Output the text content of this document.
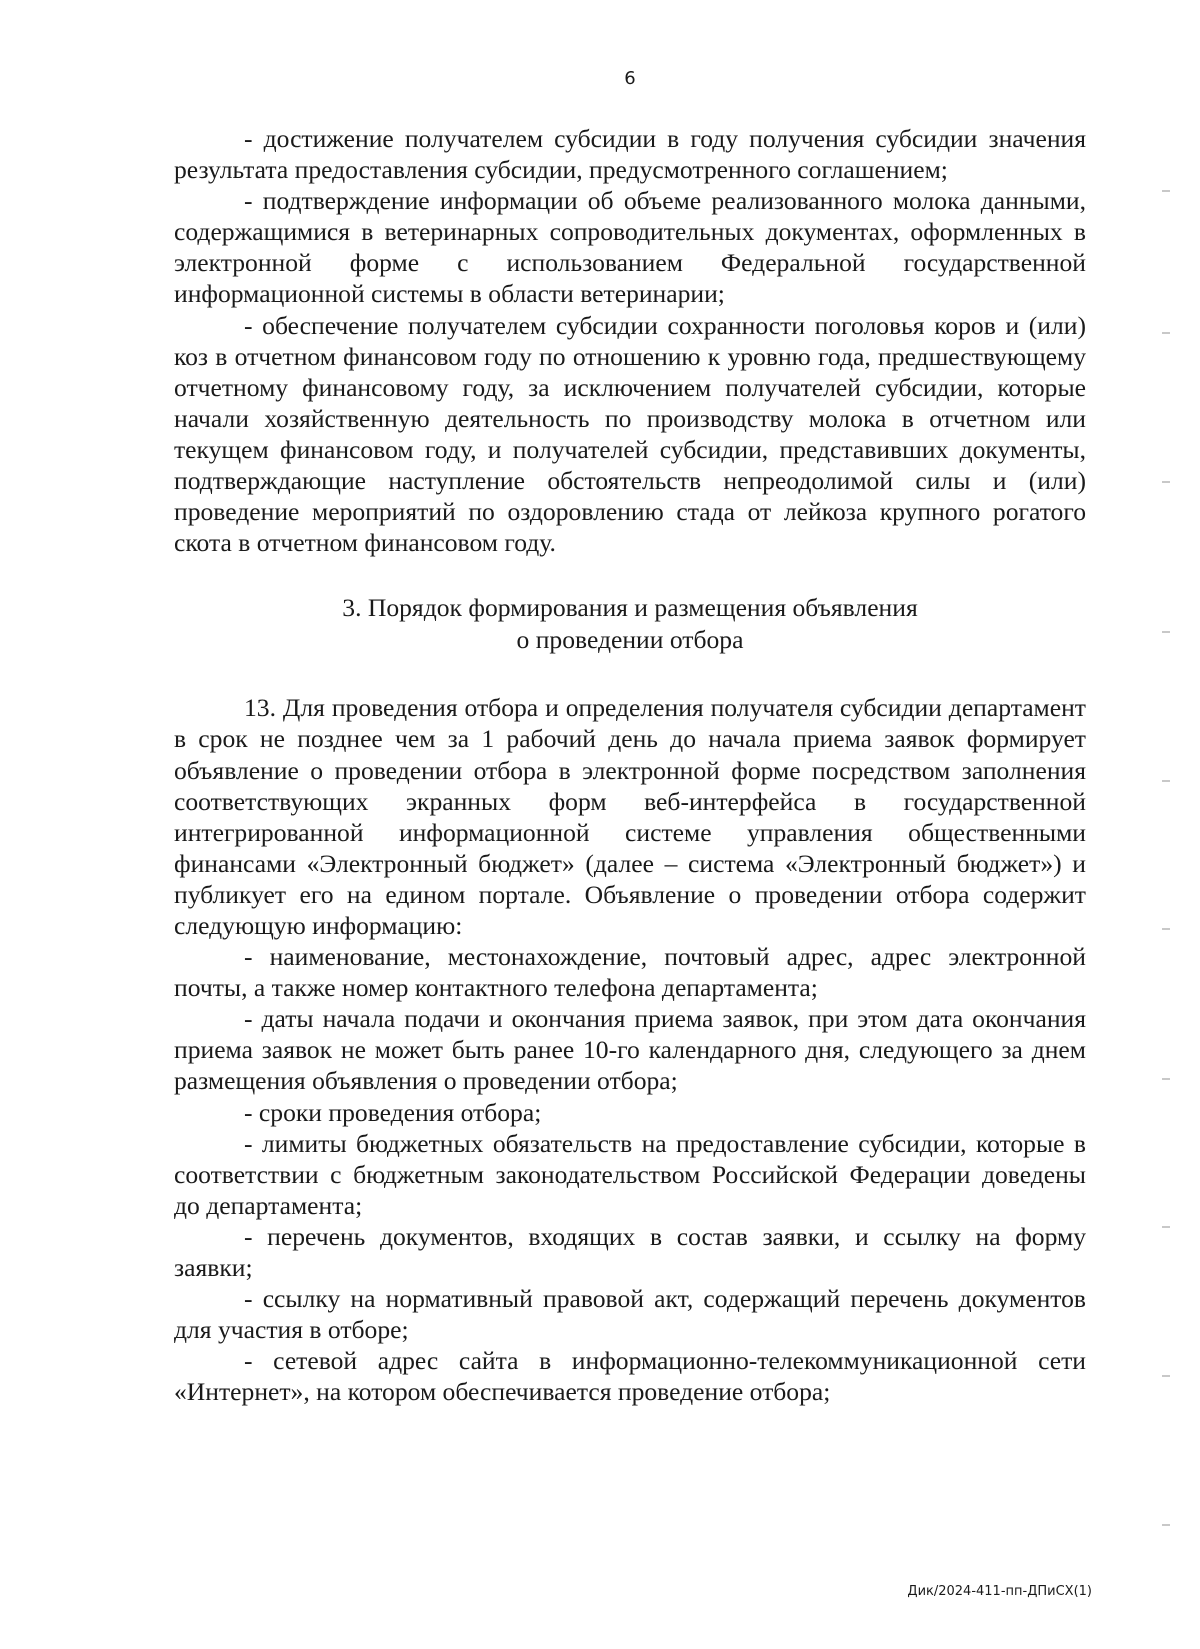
6

- достижение получателем субсидии в году получения субсидии значения результата предоставления субсидии, предусмотренного соглашением;

- подтверждение информации об объеме реализованного молока данными, содержащимися в ветеринарных сопроводительных документах, оформленных в электронной форме с использованием Федеральной государственной информационной системы в области ветеринарии;

- обеспечение получателем субсидии сохранности поголовья коров и (или) коз в отчетном финансовом году по отношению к уровню года, предшествующему отчетному финансовому году, за исключением получателей субсидии, которые начали хозяйственную деятельность по производству молока в отчетном или текущем финансовом году, и получателей субсидии, представивших документы, подтверждающие наступление обстоятельств непреодолимой силы и (или) проведение мероприятий по оздоровлению стада от лейкоза крупного рогатого скота в отчетном финансовом году.

3. Порядок формирования и размещения объявления
о проведении отбора

13. Для проведения отбора и определения получателя субсидии департамент в срок не позднее чем за 1 рабочий день до начала приема заявок формирует объявление о проведении отбора в электронной форме посредством заполнения соответствующих экранных форм веб-интерфейса в государственной интегрированной информационной системе управления общественными финансами «Электронный бюджет» (далее – система «Электронный бюджет») и публикует его на едином портале. Объявление о проведении отбора содержит следующую информацию:

- наименование, местонахождение, почтовый адрес, адрес электронной почты, а также номер контактного телефона департамента;

- даты начала подачи и окончания приема заявок, при этом дата окончания приема заявок не может быть ранее 10-го календарного дня, следующего за днем размещения объявления о проведении отбора;

- сроки проведения отбора;

- лимиты бюджетных обязательств на предоставление субсидии, которые в соответствии с бюджетным законодательством Российской Федерации доведены до департамента;

- перечень документов, входящих в состав заявки, и ссылку на форму заявки;

- ссылку на нормативный правовой акт, содержащий перечень документов для участия в отборе;

- сетевой адрес сайта в информационно-телекоммуникационной сети «Интернет», на котором обеспечивается проведение отбора;

Дик/2024-411-пп-ДПиСХ(1)
